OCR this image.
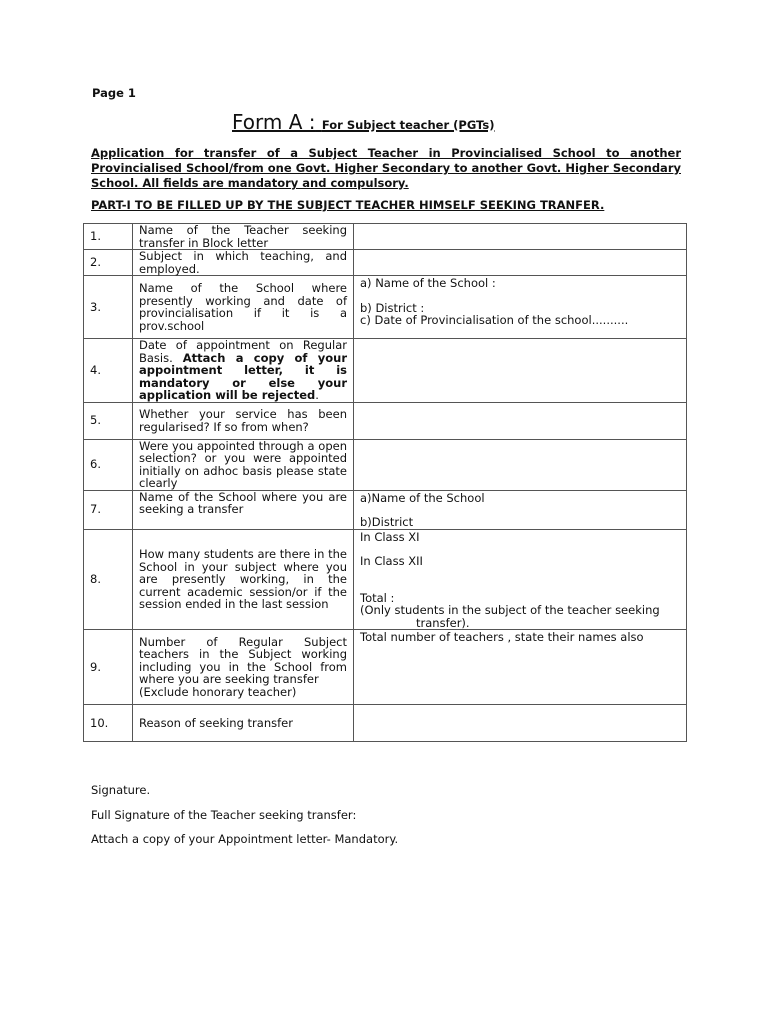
Page 1
Form A : For Subject teacher (PGTs)
Application for transfer of a Subject Teacher in Provincialised School to another Provincialised School/from one Govt. Higher Secondary to another Govt. Higher Secondary School. All fields are mandatory and compulsory.
PART-I TO BE FILLED UP BY THE SUBJECT TEACHER HIMSELF SEEKING TRANFER.
1.	Name of the Teacher seeking transfer in Block letter	
2.	Subject in which teaching, and employed.	
3.	Name of the School where presently working and date of provincialisation if it is a prov.school	a) Name of the School :
b) District :
c) Date of Provincialisation of the school..........

4.	Date of appointment on Regular Basis. Attach a copy of your appointment letter, it is mandatory or else your application will be rejected.	
5.	Whether your service has been regularised? If so from when?	
6.	Were you appointed through a open selection? or you were appointed initially on adhoc basis please state clearly	
7.	Name of the School where you are seeking a transfer	a)Name of the School
b)District

8.	How many students are there in the School in your subject where you are presently working, in the current academic session/or if the session ended in the last session	In Class XI
In Class XII
Total :
(Only students in the subject of the teacher seeking
transfer).

9.	Number of Regular Subject teachers in the Subject working including you in the School from where you are seeking transfer
(Exclude honorary teacher)	Total number of teachers , state their names also

10.	Reason of seeking transfer	
Signature.
Full Signature of the Teacher seeking transfer:
Attach a copy of your Appointment letter- Mandatory.
